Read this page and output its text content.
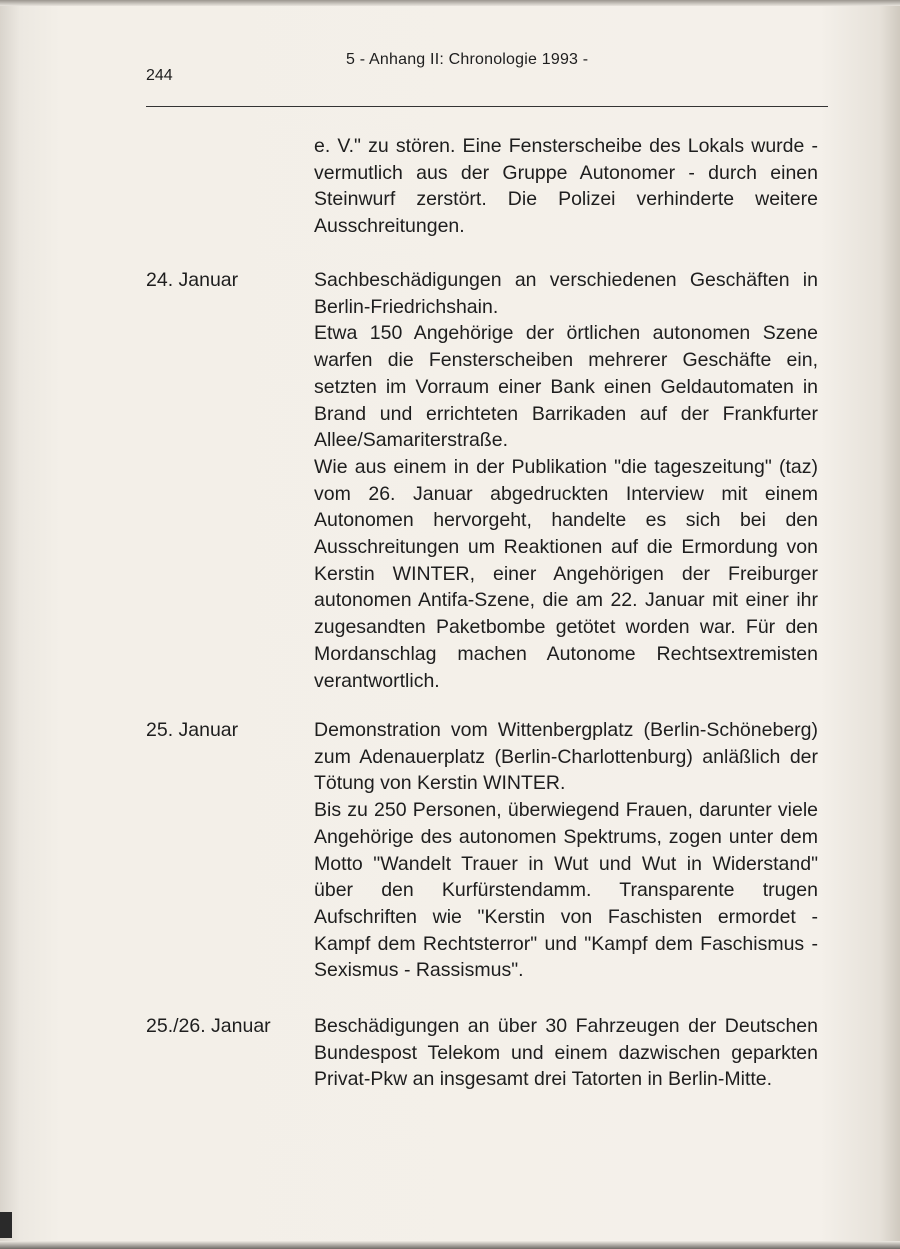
244
5 - Anhang II: Chronologie 1993 -

e. V." zu stören. Eine Fensterscheibe des Lokals wurde - vermutlich aus der Gruppe Autonomer - durch einen Steinwurf zerstört. Die Polizei verhinderte weitere Ausschreitungen.

24. Januar	Sachbeschädigungen an verschiedenen Geschäften in Berlin-Friedrichshain.

Etwa 150 Angehörige der örtlichen autonomen Szene warfen die Fensterscheiben mehrerer Geschäfte ein, setzten im Vorraum einer Bank einen Geldautomaten in Brand und errichteten Barrikaden auf der Frankfurter Allee/Samariterstraße.

Wie aus einem in der Publikation "die tageszeitung" (taz) vom 26. Januar abgedruckten Interview mit einem Autonomen hervorgeht, handelte es sich bei den Ausschreitungen um Reaktionen auf die Ermordung von Kerstin WINTER, einer Angehörigen der Freiburger autonomen Antifa-Szene, die am 22. Januar mit einer ihr zugesandten Paketbombe getötet worden war. Für den Mordanschlag machen Autonome Rechtsextremisten verantwortlich.

25. Januar	Demonstration vom Wittenbergplatz (Berlin-Schöneberg) zum Adenauerplatz (Berlin-Charlottenburg) anläßlich der Tötung von Kerstin WINTER.

Bis zu 250 Personen, überwiegend Frauen, darunter viele Angehörige des autonomen Spektrums, zogen unter dem Motto "Wandelt Trauer in Wut und Wut in Widerstand" über den Kurfürstendamm. Transparente trugen Aufschriften wie "Kerstin von Faschisten ermordet - Kampf dem Rechtsterror" und "Kampf dem Faschismus - Sexismus - Rassismus".

25./26. Januar Beschädigungen an über 30 Fahrzeugen der Deutschen Bundespost Telekom und einem dazwischen geparkten Privat-Pkw an insgesamt drei Tatorten in Berlin-Mitte.
